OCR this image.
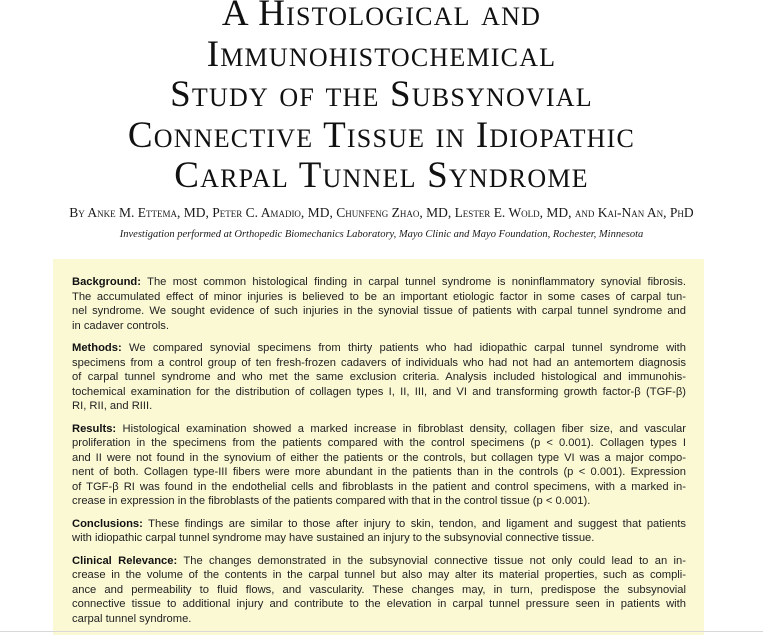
A Histological and
Immunohistochemical
Study of the Subsynovial
Connective Tissue in Idiopathic
Carpal Tunnel Syndrome
By Anke M. Ettema, MD, Peter C. Amadio, MD, Chunfeng Zhao, MD, Lester E. Wold, MD, and Kai-Nan An, PhD
Investigation performed at Orthopedic Biomechanics Laboratory, Mayo Clinic and Mayo Foundation, Rochester, Minnesota

Background: The most common histological finding in carpal tunnel syndrome is noninflammatory synovial fibrosis.
The accumulated effect of minor injuries is believed to be an important etiologic factor in some cases of carpal tun-
nel syndrome. We sought evidence of such injuries in the synovial tissue of patients with carpal tunnel syndrome and
in cadaver controls.

Methods: We compared synovial specimens from thirty patients who had idiopathic carpal tunnel syndrome with
specimens from a control group of ten fresh-frozen cadavers of individuals who had not had an antemortem diagnosis
of carpal tunnel syndrome and who met the same exclusion criteria. Analysis included histological and immunohis-
tochemical examination for the distribution of collagen types I, II, III, and VI and transforming growth factor-β (TGF-β)
RI, RII, and RIII.

Results: Histological examination showed a marked increase in fibroblast density, collagen fiber size, and vascular
proliferation in the specimens from the patients compared with the control specimens (p < 0.001). Collagen types I
and II were not found in the synovium of either the patients or the controls, but collagen type VI was a major compo-
nent of both. Collagen type-III fibers were more abundant in the patients than in the controls (p < 0.001). Expression
of TGF-β RI was found in the endothelial cells and fibroblasts in the patient and control specimens, with a marked in-
crease in expression in the fibroblasts of the patients compared with that in the control tissue (p < 0.001).

Conclusions: These findings are similar to those after injury to skin, tendon, and ligament and suggest that patients
with idiopathic carpal tunnel syndrome may have sustained an injury to the subsynovial connective tissue.

Clinical Relevance: The changes demonstrated in the subsynovial connective tissue not only could lead to an in-
crease in the volume of the contents in the carpal tunnel but also may alter its material properties, such as compli-
ance and permeability to fluid flows, and vascularity. These changes may, in turn, predispose the subsynovial
connective tissue to additional injury and contribute to the elevation in carpal tunnel pressure seen in patients with
carpal tunnel syndrome.
